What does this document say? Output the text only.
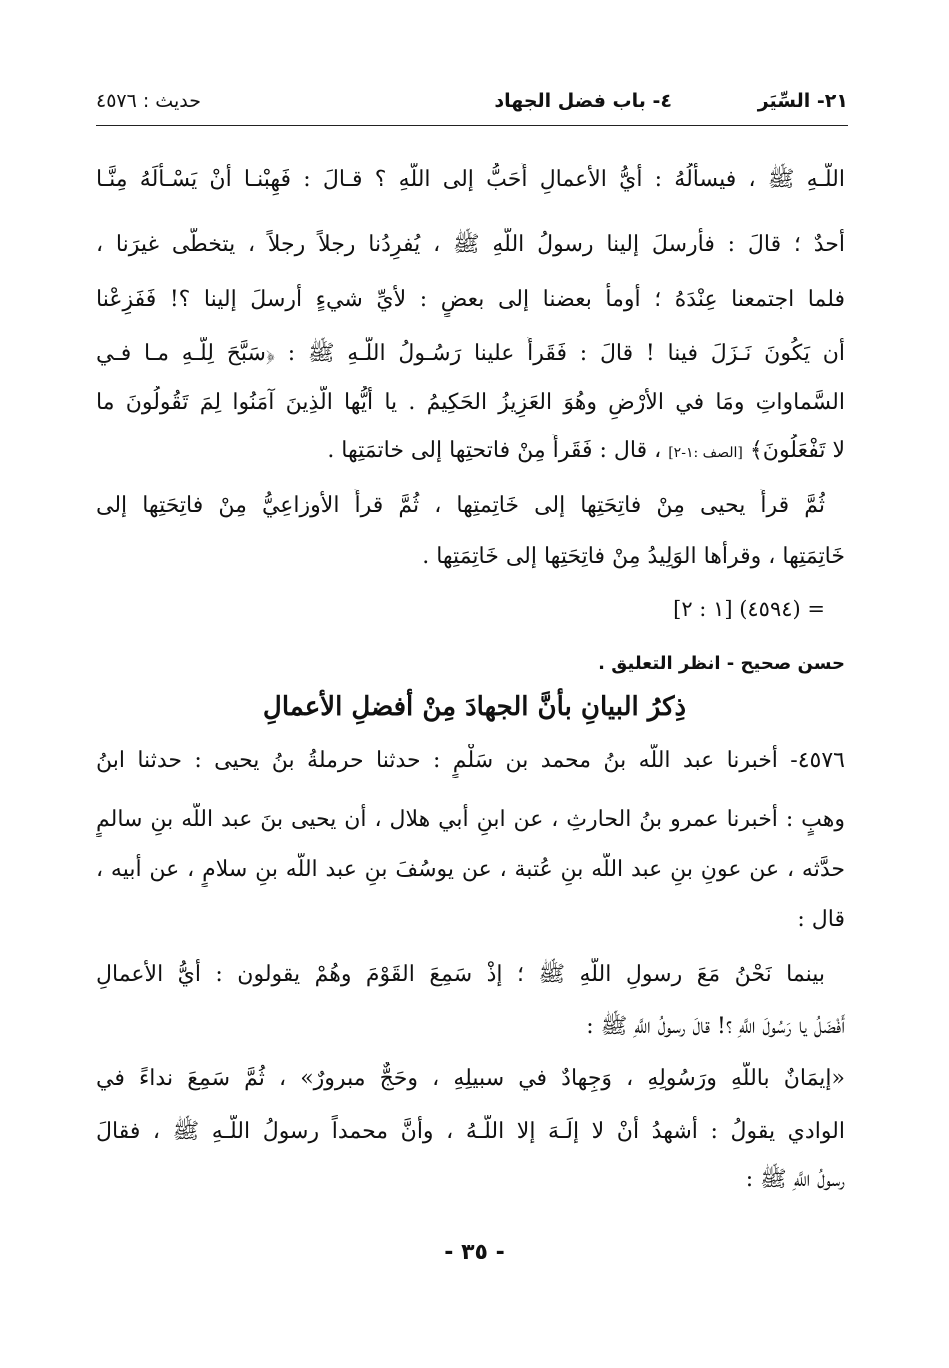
٢١- السِّيَر
٤- باب فضل الجهاد
حديث : ٤٥٧٦
اللَّـهِ ﷺ ، فيسأَلُهُ : أيُّ الأعمالِ أَحَبُّ إلى اللَّهِ ؟ قـالَ : فَهِبْنـا أنْ يَسْـأَلَهُ مِنَّـا
أحدٌ ؛ قالَ : فأرسلَ إلينا رسولُ اللَّهِ ﷺ ، يُفرِدُنا رجلاً رجلاً ، يتخطَّى غيرَنا ،
فلما اجتمعنا عِنْدَهُ ؛ أومأَ بعضنا إلى بعضٍ : لأيِّ شيءٍ أرسلَ إلينا ؟! فَفَزِعْنا
أن يَكُونَ نَـزَلَ فينا ! قالَ : فَقَرأَ علينا رَسُـولُ اللَّـهِ ﷺ : ﴿سَبَّحَ لِلَّـهِ مـا فـي
السَّماواتِ ومَا في الأرْضِ وهُوَ العَزِيزُ الحَكِيمُ . يا أيُّها الَّذِينَ آمَنُوا لِمَ تَقُولُونَ ما
لا تَفْعَلُونَ﴾ [الصف :١-٢] ، قال : فَقَرأَ مِنْ فاتحتِها إلى خاتمَتِها .
ثُمَّ قرأَ يحيى مِنْ فاتِحَتِها إلى خَاتِمتِها ، ثُمَّ قرأَ الأوزاعِيُّ مِنْ فاتِحَتِها إلى
خَاتِمَتِها ، وقرأها الوَلِيدُ مِنْ فاتِحَتِها إلى خَاتِمَتِها .
= (٤٥٩٤) [١ : ٢]
حسن صحيح - انظر التعليق .
ذِكرُ البيانِ بأنَّ الجهادَ مِنْ أفضلِ الأعمالِ
٤٥٧٦- أخبرنا عبد اللَّه بنُ محمد بن سَلْمٍ : حدثنا حرملةُ بنُ يحيى : حدثنا ابنُ
وهبٍ : أخبرنا عمرو بنُ الحارثِ ، عن ابنِ أبي هلال ، أن يحيى بنَ عبد اللَّه بنِ سالمٍ
حدَّثه ، عن عونِ بنِ عبد اللَّه بنِ عُتبة ، عن يوسُفَ بنِ عبد اللَّه بنِ سلامٍ ، عن أبيه ،
قال :
بينما نَحْنُ مَعَ رسولِ اللَّهِ ﷺ ؛ إذْ سَمِعَ القَوْمَ وهُمْ يقولون : أيُّ الأعمالِ
أَفْضَلُ يا رَسُولَ اللَّهِ ؟! قالَ رسولُ اللَّهِ ﷺ :
«إيمَانٌ باللَّهِ ورَسُولِهِ ، وَجِهادٌ في سبيلِهِ ، وحَجٌّ مبرورٌ» ، ثُمَّ سَمِعَ نداءً في
الوادي يقولُ : أشهدُ أنْ لا إلَـهَ إلا اللَّـهُ ، وأنَّ محمداً رسولُ اللَّـهِ ﷺ ، فقالَ
رسولُ اللَّهِ ﷺ :
- ٣٥ -
